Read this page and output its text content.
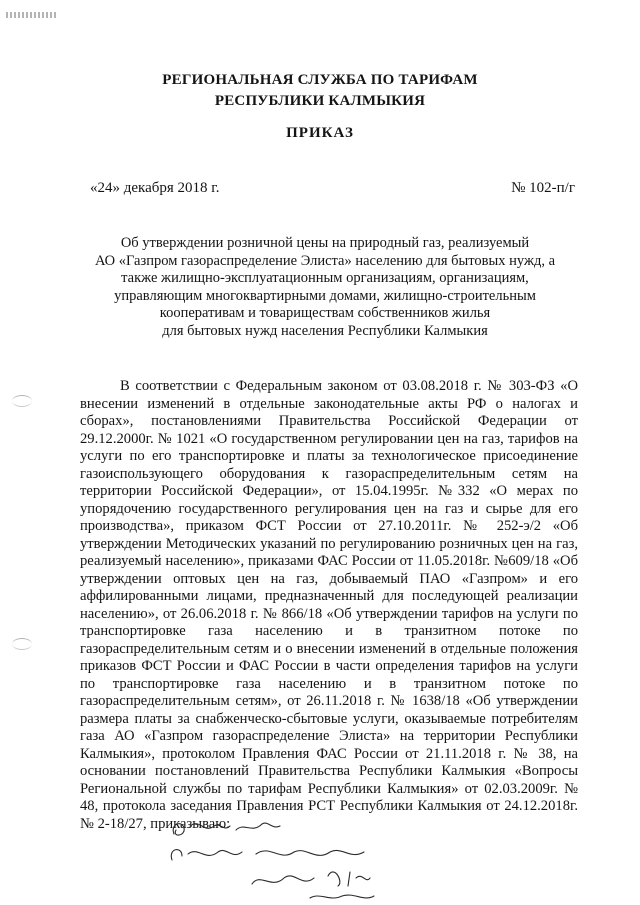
РЕГИОНАЛЬНАЯ СЛУЖБА ПО ТАРИФАМ
РЕСПУБЛИКИ КАЛМЫКИЯ
ПРИКАЗ
«24» декабря 2018 г.	№ 102-п/г
Об утверждении розничной цены на природный газ, реализуемый
АО «Газпром газораспределение Элиста» населению для бытовых нужд, а
также жилищно-эксплуатационным организациям, организациям,
управляющим многоквартирными домами, жилищно-строительным
кооперативам и товариществам собственников жилья
для бытовых нужд населения Республики Калмыкия
В соответствии с Федеральным законом от 03.08.2018 г. № 303-ФЗ «О внесении изменений в отдельные законодательные акты РФ о налогах и сборах», постановлениями Правительства Российской Федерации от 29.12.2000г. № 1021 «О государственном регулировании цен на газ, тарифов на услуги по его транспортировке и платы за технологическое присоединение газоиспользующего оборудования к газораспределительным сетям на территории Российской Федерации», от 15.04.1995г. №332 «О мерах по упорядочению государственного регулирования цен на газ и сырье для его производства», приказом ФСТ России от 27.10.2011г. № 252-э/2 «Об утверждении Методических указаний по регулированию розничных цен на газ, реализуемый населению», приказами ФАС России от 11.05.2018г. №609/18 «Об утверждении оптовых цен на газ, добываемый ПАО «Газпром» и его аффилированными лицами, предназначенный для последующей реализации населению», от 26.06.2018 г. № 866/18 «Об утверждении тарифов на услуги по транспортировке газа населению и в транзитном потоке по газораспределительным сетям и о внесении изменений в отдельные положения приказов ФСТ России и ФАС России в части определения тарифов на услуги по транспортировке газа населению и в транзитном потоке по газораспределительным сетям», от 26.11.2018 г. № 1638/18 «Об утверждении размера платы за снабженческо-сбытовые услуги, оказываемые потребителям газа АО «Газпром газораспределение Элиста» на территории Республики Калмыкия», протоколом Правления ФАС России от 21.11.2018 г. № 38, на основании постановлений Правительства Республики Калмыкия «Вопросы Региональной службы по тарифам Республики Калмыкия» от 02.03.2009г. № 48, протокола заседания Правления РСТ Республики Калмыкия от 24.12.2018г. № 2-18/27, приказываю:
